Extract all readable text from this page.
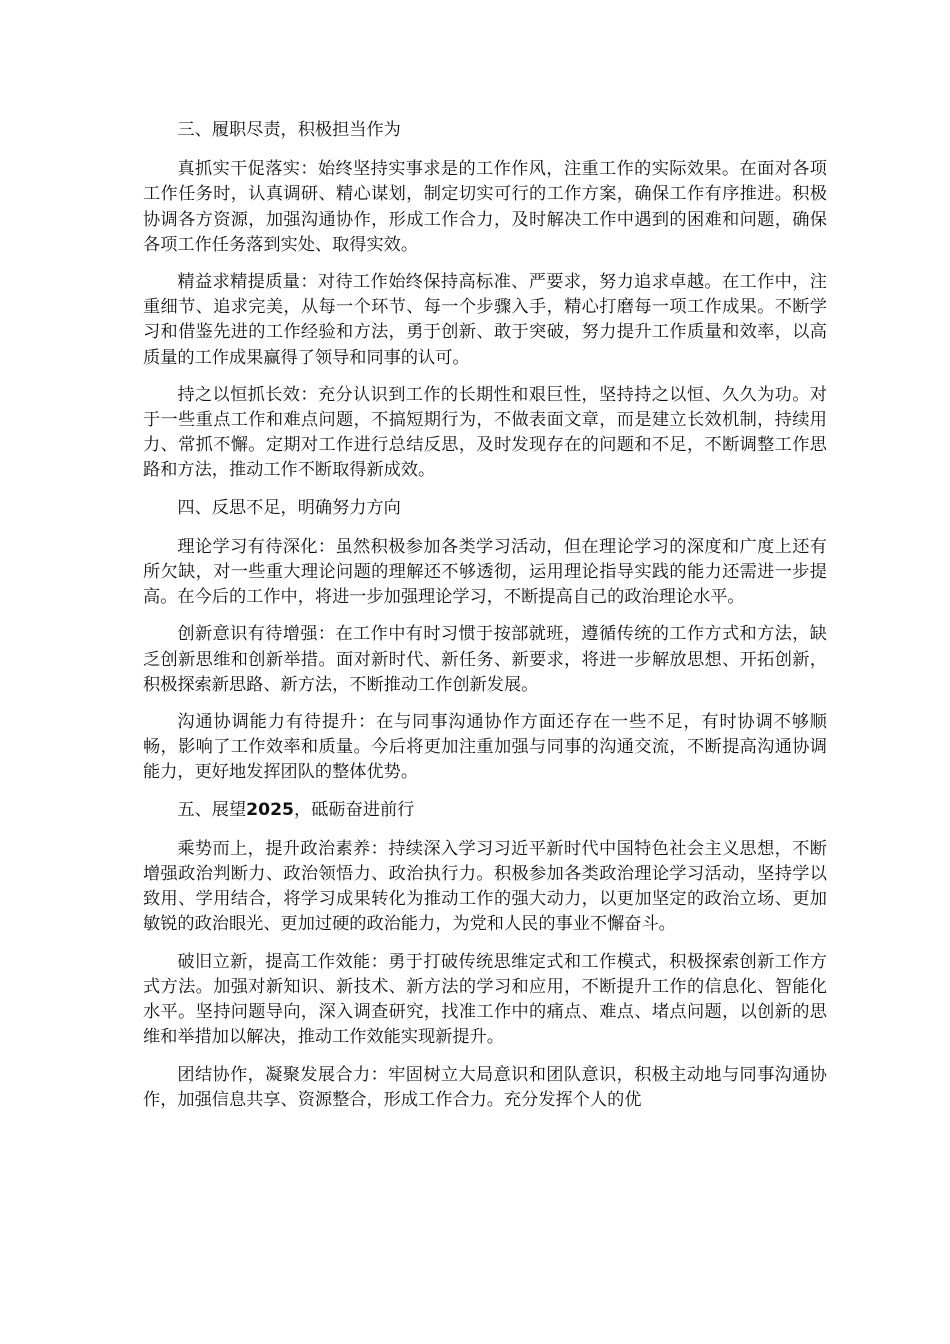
三、履职尽责，积极担当作为

真抓实干促落实：始终坚持实事求是的工作作风，注重工作的实际效果。在面对各项工作任务时，认真调研、精心谋划，制定切实可行的工作方案，确保工作有序推进。积极协调各方资源，加强沟通协作，形成工作合力，及时解决工作中遇到的困难和问题，确保各项工作任务落到实处、取得实效。

精益求精提质量：对待工作始终保持高标准、严要求，努力追求卓越。在工作中，注重细节、追求完美，从每一个环节、每一个步骤入手，精心打磨每一项工作成果。不断学习和借鉴先进的工作经验和方法，勇于创新、敢于突破，努力提升工作质量和效率，以高质量的工作成果赢得了领导和同事的认可。

持之以恒抓长效：充分认识到工作的长期性和艰巨性，坚持持之以恒、久久为功。对于一些重点工作和难点问题，不搞短期行为，不做表面文章，而是建立长效机制，持续用力、常抓不懈。定期对工作进行总结反思，及时发现存在的问题和不足，不断调整工作思路和方法，推动工作不断取得新成效。

四、反思不足，明确努力方向

理论学习有待深化：虽然积极参加各类学习活动，但在理论学习的深度和广度上还有所欠缺，对一些重大理论问题的理解还不够透彻，运用理论指导实践的能力还需进一步提高。在今后的工作中，将进一步加强理论学习，不断提高自己的政治理论水平。

创新意识有待增强：在工作中有时习惯于按部就班，遵循传统的工作方式和方法，缺乏创新思维和创新举措。面对新时代、新任务、新要求，将进一步解放思想、开拓创新，积极探索新思路、新方法，不断推动工作创新发展。

沟通协调能力有待提升：在与同事沟通协作方面还存在一些不足，有时协调不够顺畅，影响了工作效率和质量。今后将更加注重加强与同事的沟通交流，不断提高沟通协调能力，更好地发挥团队的整体优势。

五、展望2025，砥砺奋进前行

乘势而上，提升政治素养：持续深入学习习近平新时代中国特色社会主义思想，不断增强政治判断力、政治领悟力、政治执行力。积极参加各类政治理论学习活动，坚持学以致用、学用结合，将学习成果转化为推动工作的强大动力，以更加坚定的政治立场、更加敏锐的政治眼光、更加过硬的政治能力，为党和人民的事业不懈奋斗。

破旧立新，提高工作效能：勇于打破传统思维定式和工作模式，积极探索创新工作方式方法。加强对新知识、新技术、新方法的学习和应用，不断提升工作的信息化、智能化水平。坚持问题导向，深入调查研究，找准工作中的痛点、难点、堵点问题，以创新的思维和举措加以解决，推动工作效能实现新提升。

团结协作，凝聚发展合力：牢固树立大局意识和团队意识，积极主动地与同事沟通协作，加强信息共享、资源整合，形成工作合力。充分发挥个人的优
